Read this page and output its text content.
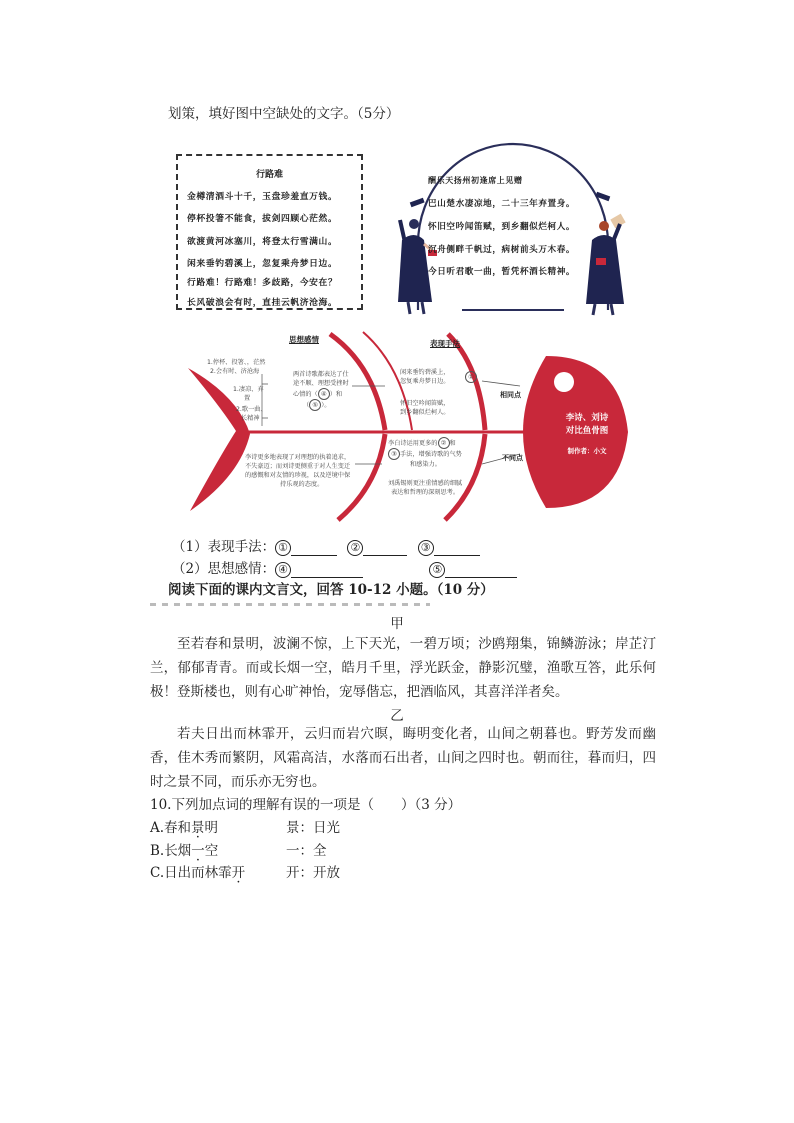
划策，填好图中空缺处的文字。（5分）
行路难
金樽清酒斗十千，玉盘珍羞直万钱。
停杯投箸不能食，拔剑四顾心茫然。
欲渡黄河冰塞川，将登太行雪满山。
闲来垂钓碧溪上，忽复乘舟梦日边。
行路难！行路难！多歧路，今安在？
长风破浪会有时，直挂云帆济沧海。
酬乐天扬州初逢席上见赠
巴山楚水凄凉地，二十三年弃置身。
怀旧空吟闻笛赋，到乡翻似烂柯人。
沉舟侧畔千帆过，病树前头万木春。
今日听君歌一曲，暂凭杯酒长精神。
思想感情	表现手法
1.停杯、投箸、，茫然
2.会有时、济沧海
1.凄凉、弃
置
2.歌一曲、
长精神
两首诗歌都表达了仕
途不顺、理想受挫时
心情的（ ④ ）和
（ ⑤ ）。
李诗更多地表现了对理想的执着追求，
不失豪迈；而刘诗更侧重于对人生变迁
的感慨和对友情的珍视，以及逆境中保
持乐观的态度。
闲来垂钓碧溪上，
忽复乘舟梦日边。
①
怀旧空吟闻笛赋，
到乡翻似烂柯人。
李白诗运用更多的 ② 和
③ 手法，增强诗歌的气势
和感染力。
刘禹锡则更注重情感的细腻
表达和哲理的深刻思考。
相同点
不同点
李诗、刘诗
对比鱼骨图
制作者：小文
（1）表现手法： ①	②	③
（2）思想感情： ④	⑤
阅读下面的课内文言文，回答 10-12 小题。（10 分）
甲
至若春和景明，波澜不惊，上下天光，一碧万顷；沙鸥翔集，锦鳞游泳；岸芷汀兰，郁郁青青。而或长烟一空，皓月千里，浮光跃金，静影沉璧，渔歌互答，此乐何极！登斯楼也，则有心旷神怡，宠辱偕忘，把酒临风，其喜洋洋者矣。
乙
若夫日出而林霏开，云归而岩穴暝，晦明变化者，山间之朝暮也。野芳发而幽香，佳木秀而繁阴，风霜高洁，水落而石出者，山间之四时也。朝而往，暮而归，四时之景不同，而乐亦无穷也。
10.下列加点词的理解有误的一项是（　　）（3 分）
A.春和景明	景：日光
B.长烟一空	一：全
C.日出而林霏开	开：开放
